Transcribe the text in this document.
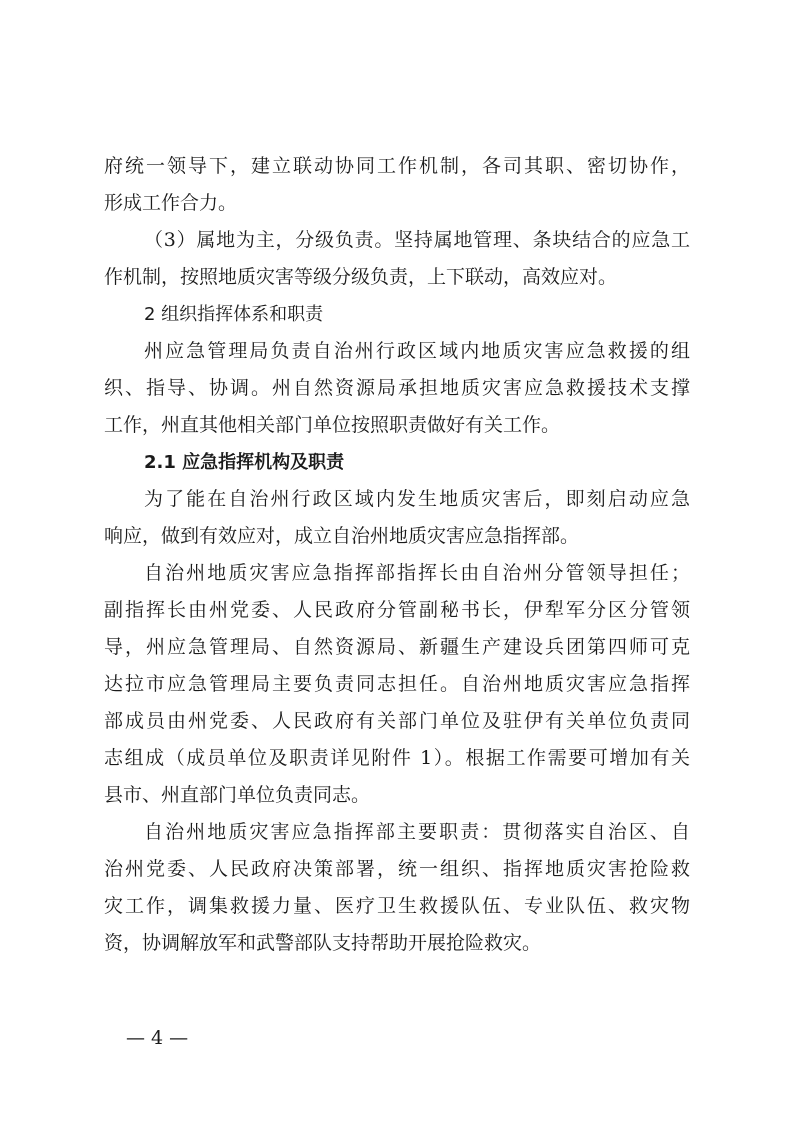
府统一领导下，建立联动协同工作机制，各司其职、密切协作，
形成工作合力。
（3）属地为主，分级负责。坚持属地管理、条块结合的应急工
作机制，按照地质灾害等级分级负责，上下联动，高效应对。
2 组织指挥体系和职责
州应急管理局负责自治州行政区域内地质灾害应急救援的组
织、指导、协调。州自然资源局承担地质灾害应急救援技术支撑
工作，州直其他相关部门单位按照职责做好有关工作。
2.1 应急指挥机构及职责
为了能在自治州行政区域内发生地质灾害后，即刻启动应急
响应，做到有效应对，成立自治州地质灾害应急指挥部。
自治州地质灾害应急指挥部指挥长由自治州分管领导担任；
副指挥长由州党委、人民政府分管副秘书长，伊犁军分区分管领
导，州应急管理局、自然资源局、新疆生产建设兵团第四师可克
达拉市应急管理局主要负责同志担任。自治州地质灾害应急指挥
部成员由州党委、人民政府有关部门单位及驻伊有关单位负责同
志组成（成员单位及职责详见附件 1）。根据工作需要可增加有关
县市、州直部门单位负责同志。
自治州地质灾害应急指挥部主要职责：贯彻落实自治区、自
治州党委、人民政府决策部署，统一组织、指挥地质灾害抢险救
灾工作，调集救援力量、医疗卫生救援队伍、专业队伍、救灾物
资，协调解放军和武警部队支持帮助开展抢险救灾。
— 4 —
